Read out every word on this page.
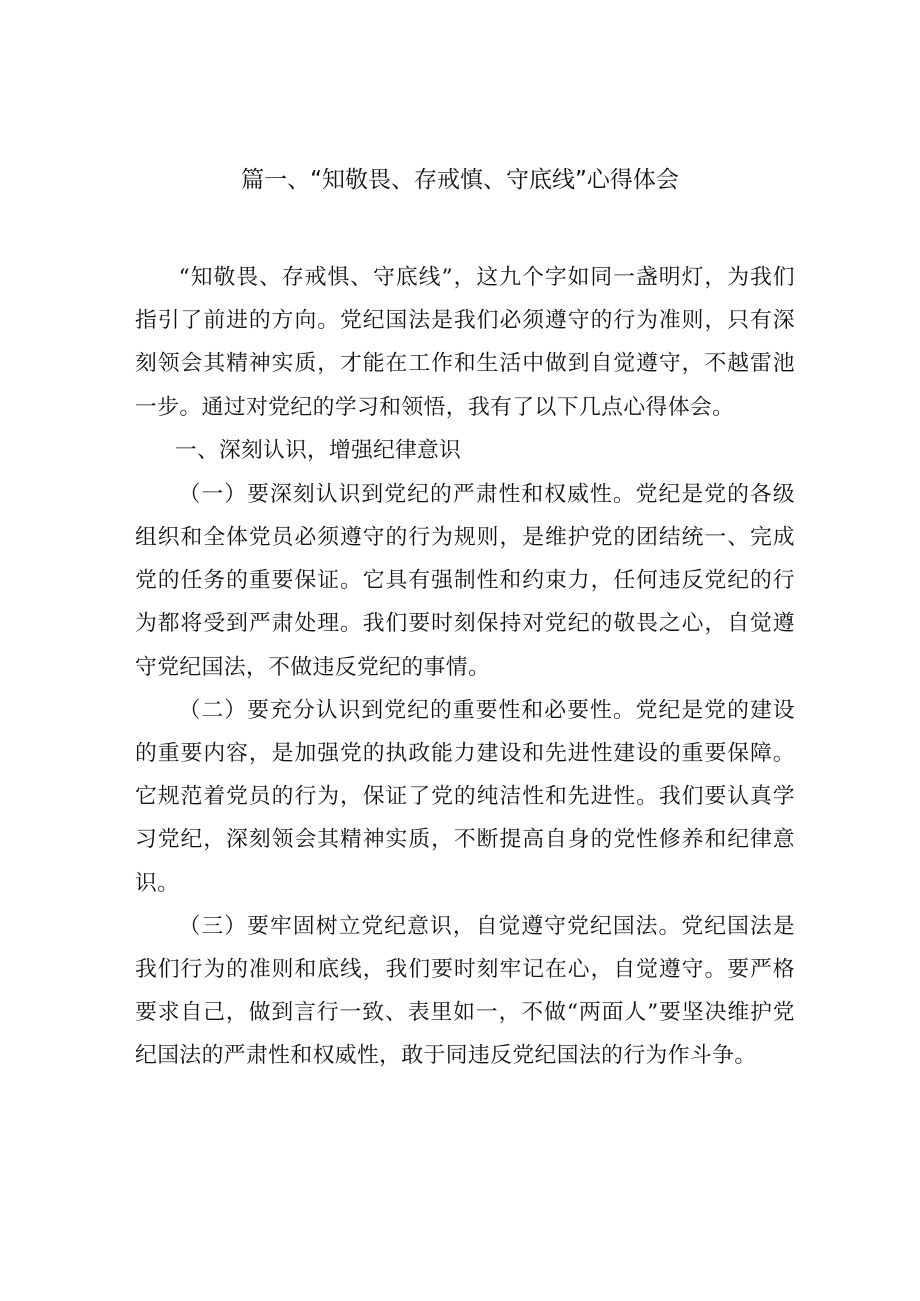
篇一、“知敬畏、存戒慎、守底线”心得体会

“知敬畏、存戒惧、守底线”，这九个字如同一盏明灯，为我们指引了前进的方向。党纪国法是我们必须遵守的行为准则，只有深刻领会其精神实质，才能在工作和生活中做到自觉遵守，不越雷池一步。通过对党纪的学习和领悟，我有了以下几点心得体会。

一、深刻认识，增强纪律意识

（一）要深刻认识到党纪的严肃性和权威性。党纪是党的各级组织和全体党员必须遵守的行为规则，是维护党的团结统一、完成党的任务的重要保证。它具有强制性和约束力，任何违反党纪的行为都将受到严肃处理。我们要时刻保持对党纪的敬畏之心，自觉遵守党纪国法，不做违反党纪的事情。

（二）要充分认识到党纪的重要性和必要性。党纪是党的建设的重要内容，是加强党的执政能力建设和先进性建设的重要保障。它规范着党员的行为，保证了党的纯洁性和先进性。我们要认真学习党纪，深刻领会其精神实质，不断提高自身的党性修养和纪律意识。

（三）要牢固树立党纪意识，自觉遵守党纪国法。党纪国法是我们行为的准则和底线，我们要时刻牢记在心，自觉遵守。要严格要求自己，做到言行一致、表里如一，不做“两面人”要坚决维护党纪国法的严肃性和权威性，敢于同违反党纪国法的行为作斗争。
